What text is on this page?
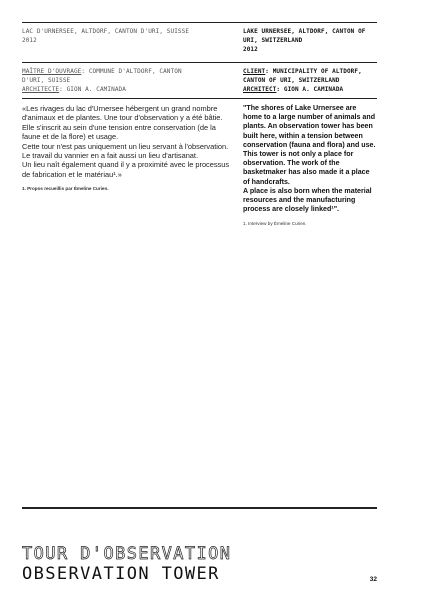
LAC D'URNERSEE, ALTDORF, CANTON D'URI, SUISSE
2012
LAKE URNERSEE, ALTDORF, CANTON OF URI, SWITZERLAND
2012
MAÎTRE D'OUVRAGE: COMMUNE D'ALTDORF, CANTON D'URI, SUISSE
ARCHITECTE: GION A. CAMINADA
CLIENT: MUNICIPALITY OF ALTDORF, CANTON OF URI, SWITZERLAND
ARCHITECT: GION A. CAMINADA

«Les rivages du lac d'Urnersee hébergent un grand nombre d'animaux et de plantes. Une tour d'observation y a été bâtie. Elle s'inscrit au sein d'une tension entre conservation (de la faune et de la flore) et usage.

Cette tour n'est pas uniquement un lieu servant à l'observation. Le travail du vannier en a fait aussi un lieu d'artisanat.

Un lieu naît également quand il y a proximité avec le processus de fabrication et le matériau¹.»

1. Propos recueillis par Émeline Curien.

"The shores of Lake Urnersee are home to a large number of animals and plants. An observation tower has been built here, within a tension between conservation (fauna and flora) and use.

This tower is not only a place for observation. The work of the basketmaker has also made it a place of handcrafts.

A place is also born when the material resources and the manufacturing process are closely linked¹".

1. Interview by Émeline Curien.
TOUR D'OBSERVATION
OBSERVATION TOWER	32
